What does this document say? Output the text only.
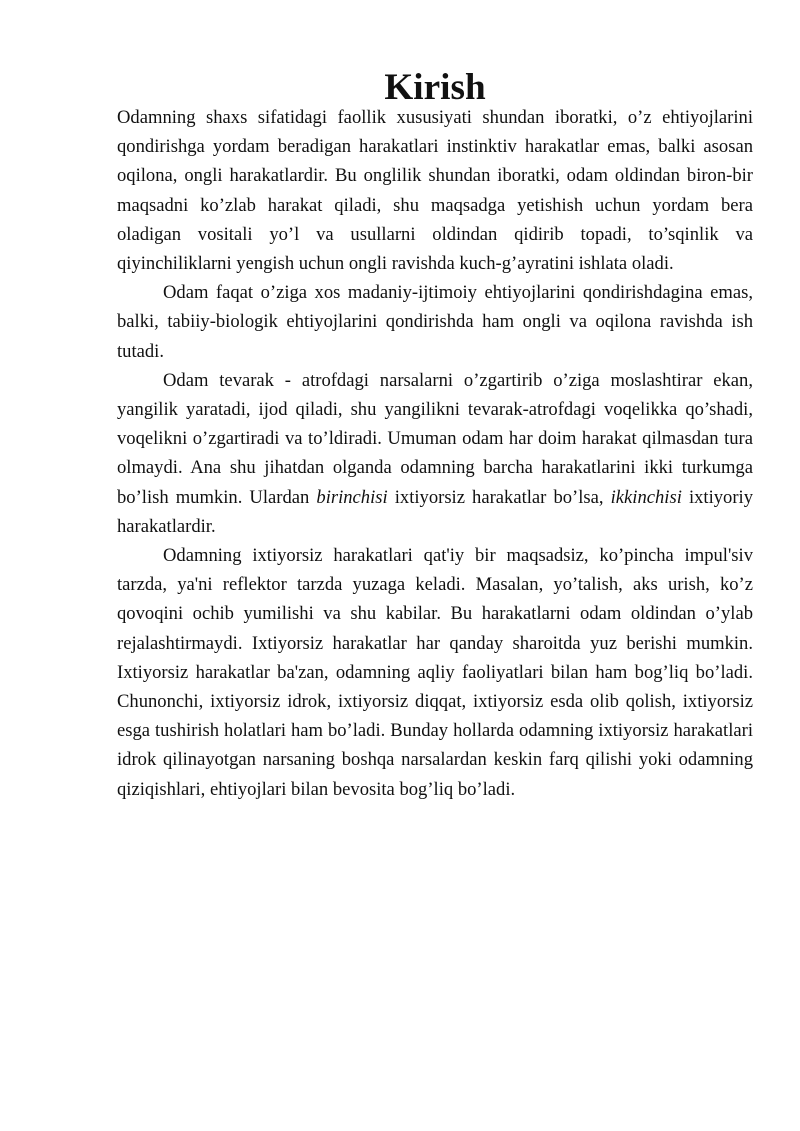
Kirish

Odamning shaxs sifatidagi faollik xususiyati shundan iboratki, o’z ehtiyojlarini qondirishga yordam beradigan harakatlari instinktiv harakatlar emas, balki asosan oqilona, ongli harakatlardir. Bu onglilik shundan iboratki, odam oldindan biron-bir maqsadni ko’zlab harakat qiladi, shu maqsadga yetishish uchun yordam bera oladigan vositali yo’l va usullarni oldindan qidirib topadi, to’sqinlik va qiyinchiliklarni yengish uchun ongli ravishda kuch-g’ayratini ishlata oladi.

Odam faqat o’ziga xos madaniy-ijtimoiy ehtiyojlarini qondirishdagina emas, balki, tabiiy-biologik ehtiyojlarini qondirishda ham ongli va oqilona ravishda ish tutadi.

Odam tevarak - atrofdagi narsalarni o’zgartirib o’ziga moslashtirar ekan, yangilik yaratadi, ijod qiladi, shu yangilikni tevarak-atrofdagi voqelikka qo’shadi, voqelikni o’zgartiradi va to’ldiradi. Umuman odam har doim harakat qilmasdan tura olmaydi. Ana shu jihatdan olganda odamning barcha harakatlarini ikki turkumga bo’lish mumkin. Ulardan birinchisi ixtiyorsiz harakatlar bo’lsa, ikkinchisi ixtiyoriy harakatlardir.

Odamning ixtiyorsiz harakatlari qat'iy bir maqsadsiz, ko’pincha impul'siv tarzda, ya'ni reflektor tarzda yuzaga keladi. Masalan, yo’talish, aks urish, ko’z qovoqini ochib yumilishi va shu kabilar. Bu harakatlarni odam oldindan o’ylab rejalashtirmaydi. Ixtiyorsiz harakatlar har qanday sharoitda yuz berishi mumkin. Ixtiyorsiz harakatlar ba'zan, odamning aqliy faoliyatlari bilan ham bog’liq bo’ladi. Chunonchi, ixtiyorsiz idrok, ixtiyorsiz diqqat, ixtiyorsiz esda olib qolish, ixtiyorsiz esga tushirish holatlari ham bo’ladi. Bunday hollarda odamning ixtiyorsiz harakatlari idrok qilinayotgan narsaning boshqa narsalardan keskin farq qilishi yoki odamning qiziqishlari, ehtiyojlari bilan bevosita bog’liq bo’ladi.
